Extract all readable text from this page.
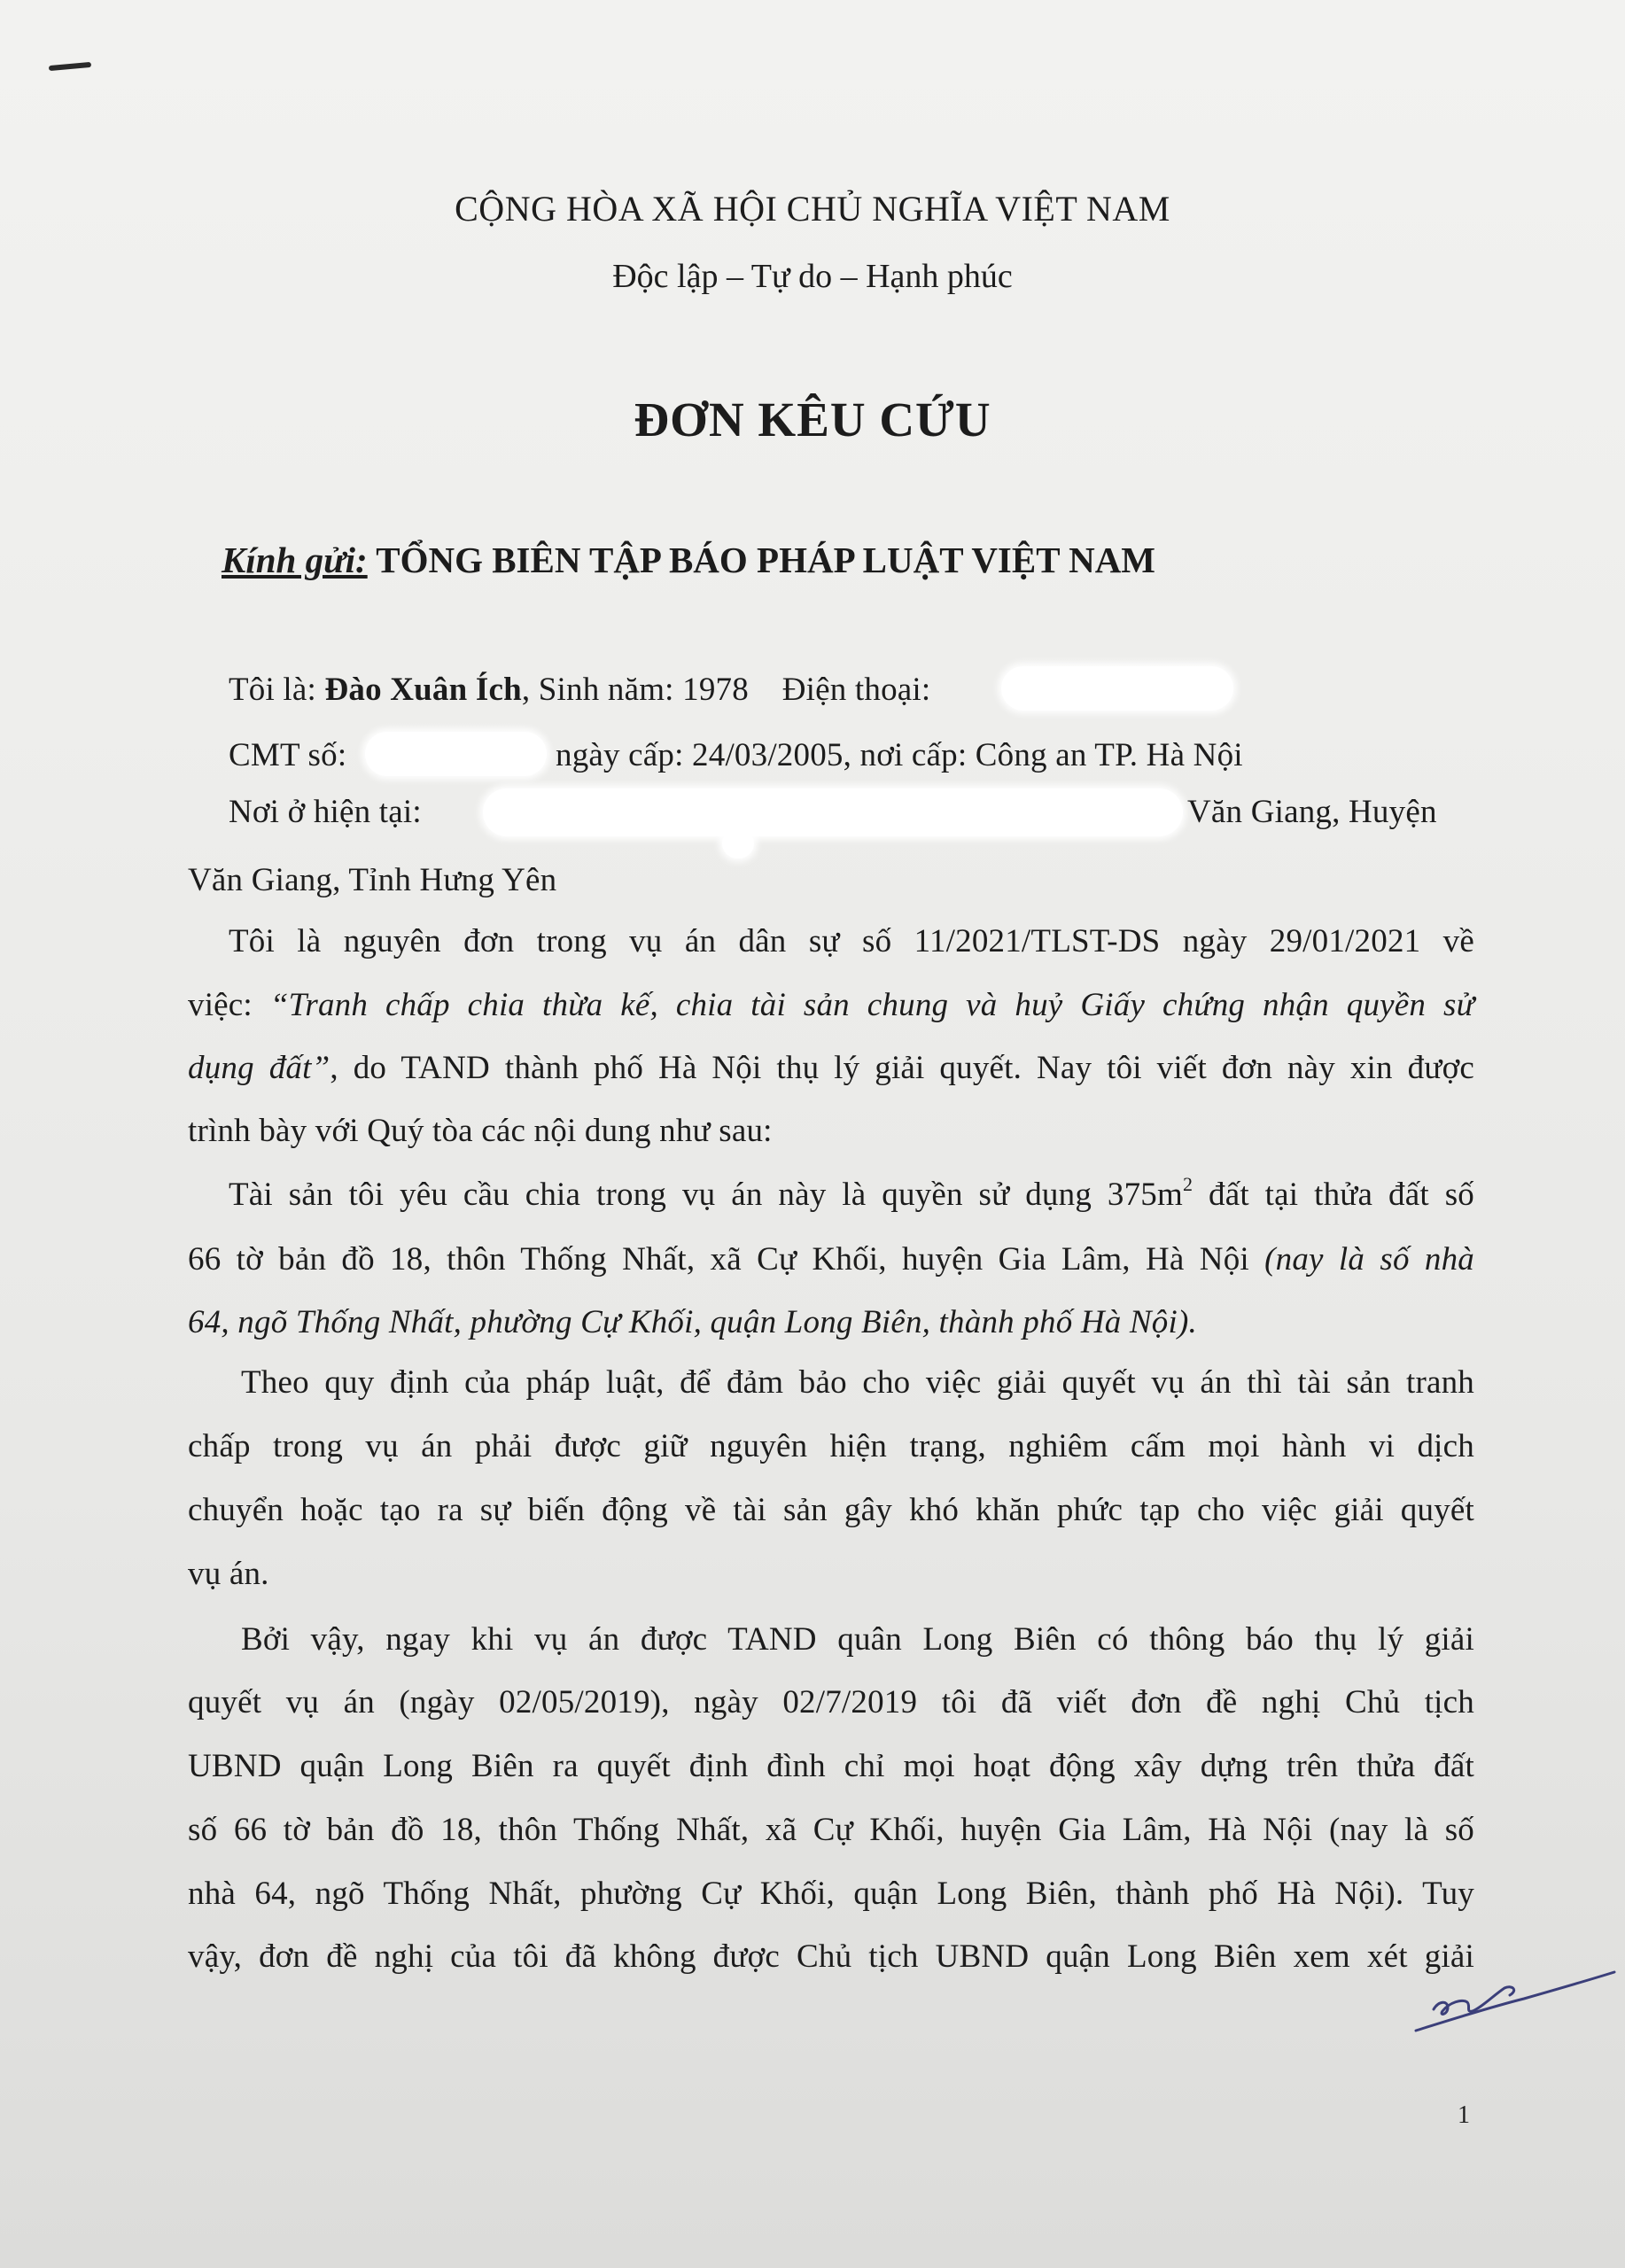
CỘNG HÒA XÃ HỘI CHỦ NGHĨA VIỆT NAM
Độc lập – Tự do – Hạnh phúc
ĐƠN KÊU CỨU
Kính gửi: TỔNG BIÊN TẬP BÁO PHÁP LUẬT VIỆT NAM
Tôi là: Đào Xuân Ích, Sinh năm: 1978 Điện thoại:
CMT số:	ngày cấp: 24/03/2005, nơi cấp: Công an TP. Hà Nội
Nơi ở hiện tại:	Văn Giang, Huyện
Văn Giang, Tỉnh Hưng Yên
Tôi là nguyên đơn trong vụ án dân sự số 11/2021/TLST-DS ngày 29/01/2021 về
việc: “Tranh chấp chia thừa kế, chia tài sản chung và huỷ Giấy chứng nhận quyền sử
dụng đất”, do TAND thành phố Hà Nội thụ lý giải quyết. Nay tôi viết đơn này xin được
trình bày với Quý tòa các nội dung như sau:
Tài sản tôi yêu cầu chia trong vụ án này là quyền sử dụng $375m^2$ đất tại thửa đất số
66 tờ bản đồ 18, thôn Thống Nhất, xã Cự Khối, huyện Gia Lâm, Hà Nội (nay là số nhà
64, ngõ Thống Nhất, phường Cự Khối, quận Long Biên, thành phố Hà Nội).
Theo quy định của pháp luật, để đảm bảo cho việc giải quyết vụ án thì tài sản tranh
chấp trong vụ án phải được giữ nguyên hiện trạng, nghiêm cấm mọi hành vi dịch
chuyển hoặc tạo ra sự biến động về tài sản gây khó khăn phức tạp cho việc giải quyết
vụ án.
Bởi vậy, ngay khi vụ án được TAND quân Long Biên có thông báo thụ lý giải
quyết vụ án (ngày 02/05/2019), ngày 02/7/2019 tôi đã viết đơn đề nghị Chủ tịch
UBND quận Long Biên ra quyết định đình chỉ mọi hoạt động xây dựng trên thửa đất
số 66 tờ bản đồ 18, thôn Thống Nhất, xã Cự Khối, huyện Gia Lâm, Hà Nội (nay là số
nhà 64, ngõ Thống Nhất, phường Cự Khối, quận Long Biên, thành phố Hà Nội). Tuy
vậy, đơn đề nghị của tôi đã không được Chủ tịch UBND quận Long Biên xem xét giải
1
